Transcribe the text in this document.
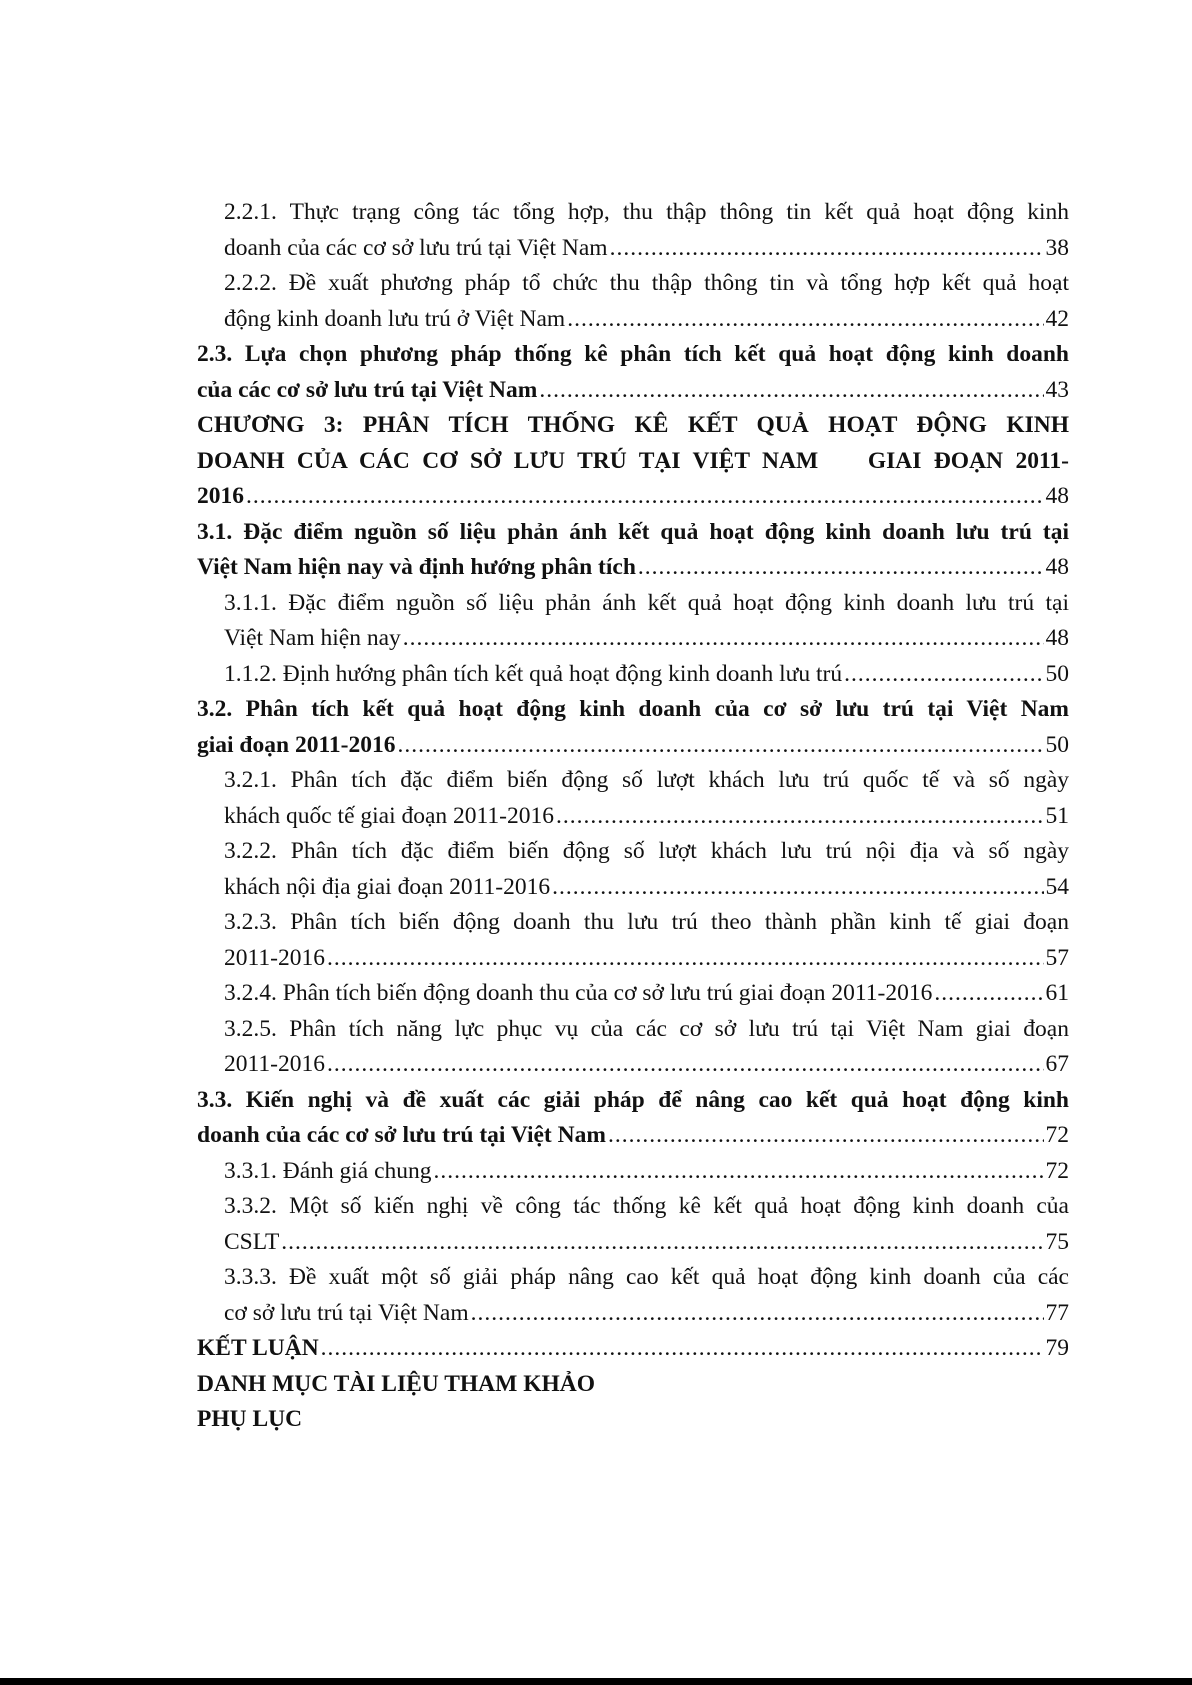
2.2.1. Thực trạng công tác tổng hợp, thu thập thông tin kết quả hoạt động kinh

doanh của các cơ sở lưu trú tại Việt Nam .....	38

2.2.2. Đề xuất phương pháp tổ chức thu thập thông tin và tổng hợp kết quả hoạt

động kinh doanh lưu trú ở Việt Nam .....	42

2.3. Lựa chọn phương pháp thống kê phân tích kết quả hoạt động kinh doanh

của các cơ sở lưu trú tại Việt Nam .....	43

CHƯƠNG 3: PHÂN TÍCH THỐNG KÊ KẾT QUẢ HOẠT ĐỘNG KINH

DOANH CỦA CÁC CƠ SỞ LƯU TRÚ TẠI VIỆT NAM    GIAI ĐOẠN 2011-

2016 .....	48

3.1. Đặc điểm nguồn số liệu phản ánh kết quả hoạt động kinh doanh lưu trú tại

Việt Nam hiện nay và định hướng phân tích .....	48

3.1.1. Đặc điểm nguồn số liệu phản ánh kết quả hoạt động kinh doanh lưu trú tại

Việt Nam hiện nay .....	48

1.1.2. Định hướng phân tích kết quả hoạt động kinh doanh lưu trú .....	50

3.2. Phân tích kết quả hoạt động kinh doanh của cơ sở lưu trú tại Việt Nam

giai đoạn 2011-2016 .....	50

3.2.1. Phân tích đặc điểm biến động số lượt khách lưu trú quốc tế và số ngày

khách quốc tế giai đoạn 2011-2016 .....	51

3.2.2. Phân tích đặc điểm biến động số lượt khách lưu trú nội địa và số ngày

khách nội địa giai đoạn 2011-2016 .....	54

3.2.3. Phân tích biến động doanh thu lưu trú theo thành phần kinh tế giai đoạn

2011-2016 .....	57

3.2.4. Phân tích biến động doanh thu của cơ sở lưu trú giai đoạn 2011-2016 .....	61

3.2.5. Phân tích năng lực phục vụ của các cơ sở lưu trú tại Việt Nam giai đoạn

2011-2016 .....	67

3.3. Kiến nghị và đề xuất các giải pháp để nâng cao kết quả hoạt động kinh

doanh của các cơ sở lưu trú tại Việt Nam .....	72

3.3.1. Đánh giá chung .....	72

3.3.2. Một số kiến nghị về công tác thống kê kết quả hoạt động kinh doanh của

CSLT .....	75

3.3.3. Đề xuất một số giải pháp nâng cao kết quả hoạt động kinh doanh của các

cơ sở lưu trú tại Việt Nam .....	77

KẾT LUẬN .....	79

DANH MỤC TÀI LIỆU THAM KHẢO

PHỤ LỤC
